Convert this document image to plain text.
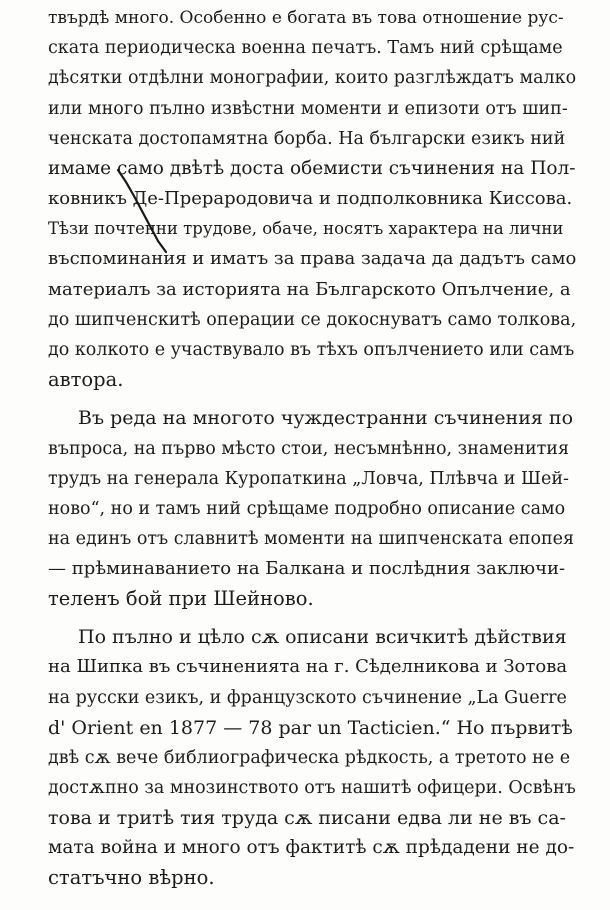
твърдѣ много. Особенно е богата въ това отношение рус-
ската периодическа военна печатъ. Тамъ ний срѣщаме
дѣсятки отдѣлни монографии, които разглѣждатъ малко
или много пълно извѣстни моменти и епизоти отъ шип-
ченската достопамятна борба. На български езикъ ний
имаме само двѣтѣ доста обемисти съчинения на Пол-
ковникъ Де-Прерародовича и подполковника Киссова.
Тѣзи почтенни трудове, обаче, носятъ характера на лични
въспоминания и иматъ за права задача да дадътъ само
материалъ за историята на Българското Опълчение, а
до шипченскитѣ операции се докоснуватъ само толкова,
до колкото е участвувало въ тѣхъ опълчението или самъ
автора.
Въ реда на многото чуждестранни съчинения по
въпроса, на първо мѣсто стои, несъмнѣнно, знаменития
трудъ на генерала Куропаткина „Ловча, Плѣвча и Шей-
ново“, но и тамъ ний срѣщаме подробно описание само
на единъ отъ славнитѣ моменти на шипченската епопея
— прѣминаванието на Балкана и послѣдния заключи-
теленъ бой при Шейново.
По пълно и цѣло сѫ описани всичкитѣ дѣйствия
на Шипка въ съчиненията на г. Сѣделникова и Зотова
на русски езикъ, и французското съчинение „La Guerre
d' Orient en 1877 — 78 par un Tacticien.“ Но първитѣ
двѣ сѫ вече библиографическа рѣдкость, а третото не е
достѫпно за мнозинството отъ нашитѣ офицери. Освѣнъ
това и тритѣ тия труда сѫ писани едва ли не въ са-
мата война и много отъ фактитѣ сѫ прѣдадени не до-
статъчно вѣрно.
